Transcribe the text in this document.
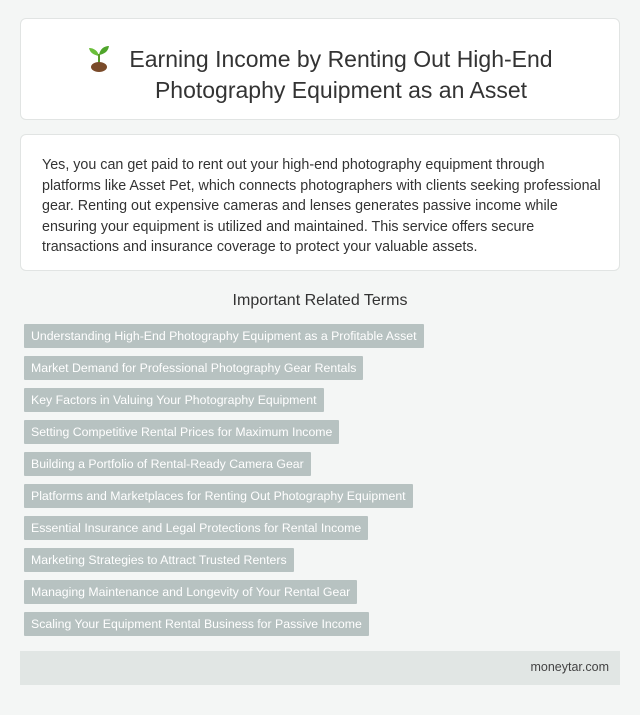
Earning Income by Renting Out High-End
Photography Equipment as an Asset

Yes, you can get paid to rent out your high-end photography equipment through platforms like Asset Pet, which connects photographers with clients seeking professional gear. Renting out expensive cameras and lenses generates passive income while ensuring your equipment is utilized and maintained. This service offers secure transactions and insurance coverage to protect your valuable assets.

Important Related Terms
Understanding High-End Photography Equipment as a Profitable Asset
Market Demand for Professional Photography Gear Rentals
Key Factors in Valuing Your Photography Equipment
Setting Competitive Rental Prices for Maximum Income
Building a Portfolio of Rental-Ready Camera Gear
Platforms and Marketplaces for Renting Out Photography Equipment
Essential Insurance and Legal Protections for Rental Income
Marketing Strategies to Attract Trusted Renters
Managing Maintenance and Longevity of Your Rental Gear
Scaling Your Equipment Rental Business for Passive Income
moneytar.com
